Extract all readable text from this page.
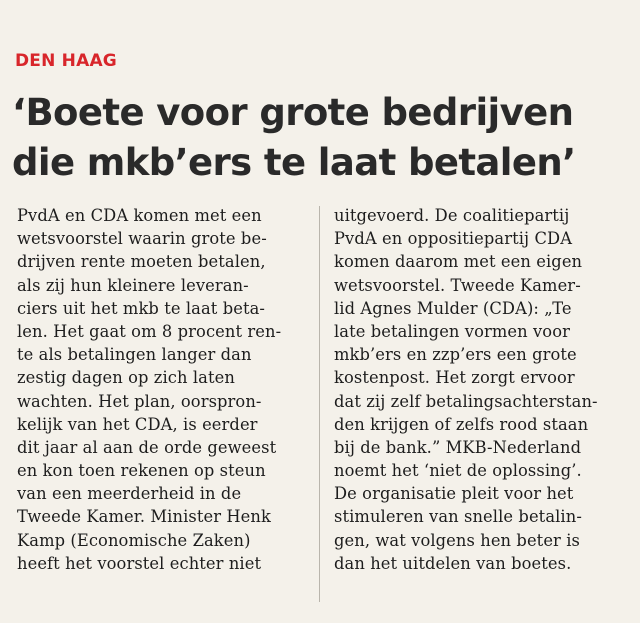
DEN HAAG
‘Boete voor grote bedrijven
die mkb’ers te laat betalen’
PvdA en CDA komen met een
wetsvoorstel waarin grote be-
drijven rente moeten betalen,
als zij hun kleinere leveran-
ciers uit het mkb te laat beta-
len. Het gaat om 8 procent ren-
te als betalingen langer dan
zestig dagen op zich laten
wachten. Het plan, oorspron-
kelijk van het CDA, is eerder
dit jaar al aan de orde geweest
en kon toen rekenen op steun
van een meerderheid in de
Tweede Kamer. Minister Henk
Kamp (Economische Zaken)
heeft het voorstel echter niet
uitgevoerd. De coalitiepartij
PvdA en oppositiepartij CDA
komen daarom met een eigen
wetsvoorstel. Tweede Kamer-
lid Agnes Mulder (CDA): „Te
late betalingen vormen voor
mkb’ers en zzp’ers een grote
kostenpost. Het zorgt ervoor
dat zij zelf betalingsachterstan-
den krijgen of zelfs rood staan
bij de bank.” MKB-Nederland
noemt het ‘niet de oplossing’.
De organisatie pleit voor het
stimuleren van snelle betalin-
gen, wat volgens hen beter is
dan het uitdelen van boetes.
